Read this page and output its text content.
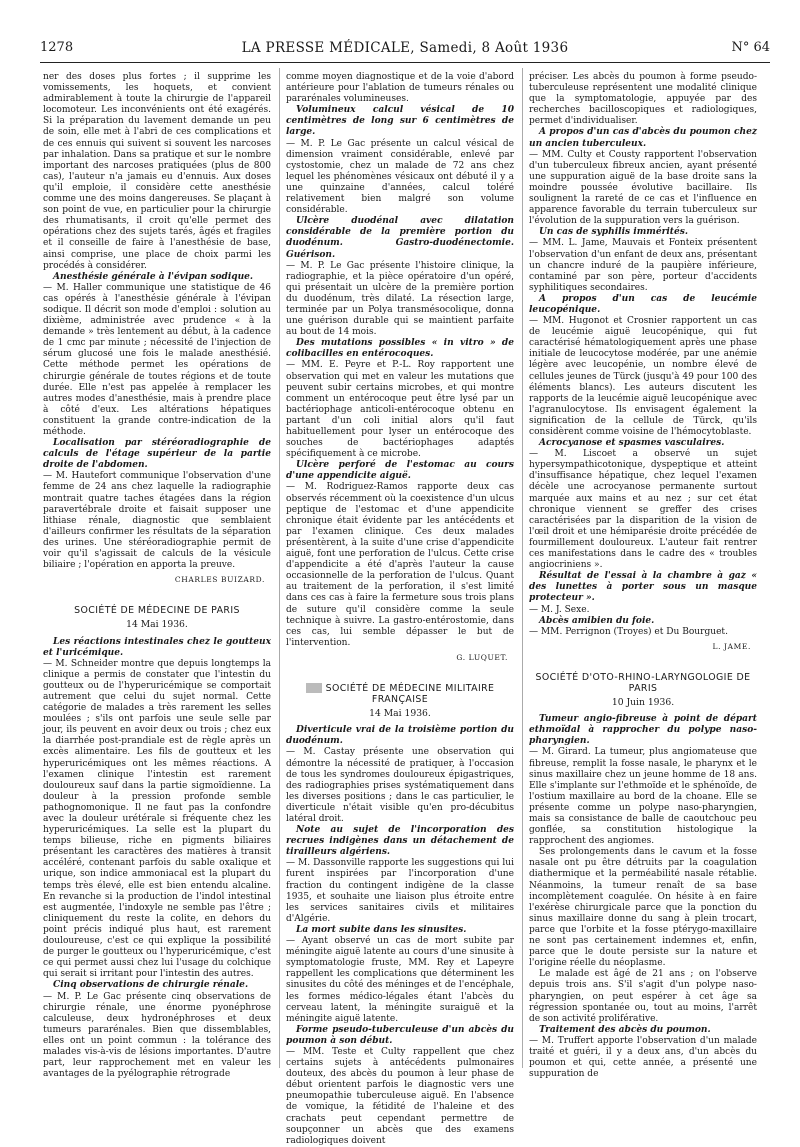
1278	LA PRESSE MÉDICALE, Samedi, 8 Août 1936	N° 64

ner des doses plus fortes ; il supprime les vomissements, les hoquets, et convient admirablement à toute la chirurgie de l'appareil locomoteur. Les inconvénients ont été exagérés. Si la préparation du lavement demande un peu de soin, elle met à l'abri de ces complications et de ces ennuis qui suivent si souvent les narcoses par inhalation. Dans sa pratique et sur le nombre important des narcoses pratiquées (plus de 800 cas), l'auteur n'a jamais eu d'ennuis. Aux doses qu'il emploie, il considère cette anesthésie comme une des moins dangereuses. Se plaçant à son point de vue, en particulier pour la chirurgie des rhumatisants, il croit qu'elle permet des opérations chez des sujets tarés, âgés et fragiles et il conseille de faire à l'anesthésie de base, ainsi comprise, une place de choix parmi les procédés à considérer.

Anesthésie générale à l'évipan sodique.

— M. Haller communique une statistique de 46 cas opérés à l'anesthésie générale à l'évipan sodique. Il décrit son mode d'emploi : solution au dixième, administrée avec prudence « à la demande » très lentement au début, à la cadence de 1 cmc par minute ; nécessité de l'injection de sérum glucosé une fois le malade anesthésié. Cette méthode permet les opérations de chirurgie générale de toutes régions et de toute durée. Elle n'est pas appelée à remplacer les autres modes d'anesthésie, mais à prendre place à côté d'eux. Les altérations hépatiques constituent la grande contre-indication de la méthode.

Localisation par stéréoradiographie de calculs de l'étage supérieur de la partie droite de l'abdomen.

— M. Hautefort communique l'observation d'une femme de 24 ans chez laquelle la radiographie montrait quatre taches étagées dans la région paravertébrale droite et faisait supposer une lithiase rénale, diagnostic que semblaient d'ailleurs confirmer les résultats de la séparation des urines. Une stéréoradiographie permit de voir qu'il s'agissait de calculs de la vésicule biliaire ; l'opération en apporta la preuve.

CHARLES BUIZARD.
SOCIÉTÉ DE MÉDECINE DE PARIS
14 Mai 1936.

Les réactions intestinales chez le goutteux et l'uricémique.

— M. Schneider montre que depuis longtemps la clinique a permis de constater que l'intestin du goutteux ou de l'hyperuricémique se comportait autrement que celui du sujet normal. Cette catégorie de malades a très rarement les selles moulées ; s'ils ont parfois une seule selle par jour, ils peuvent en avoir deux ou trois ; chez eux la diarrhée post-prandiale est de règle après un excès alimentaire. Les fils de goutteux et les hyperuricémiques ont les mêmes réactions. A l'examen clinique l'intestin est rarement douloureux sauf dans la partie sigmoïdienne. La douleur à la pression profonde semble pathognomonique. Il ne faut pas la confondre avec la douleur urétérale si fréquente chez les hyperuricémiques. La selle est la plupart du temps bilieuse, riche en pigments biliaires présentant les caractères des matières à transit accéléré, contenant parfois du sable oxalique et urique, son indice ammoniacal est la plupart du temps très élevé, elle est bien entendu alcaline. En revanche si la production de l'indol intestinal est augmentée, l'indoxyle ne semble pas l'être ; cliniquement du reste la colite, en dehors du point précis indiqué plus haut, est rarement douloureuse, c'est ce qui explique la possibilité de purger le goutteux ou l'hyperuricémique, c'est ce qui permet aussi chez lui l'usage du colchique qui serait si irritant pour l'intestin des autres.

Cinq observations de chirurgie rénale.

— M. P. Le Gac présente cinq observations de chirurgie rénale, une énorme pyonéphrose calculeuse, deux hydronéphroses et deux tumeurs pararénales. Bien que dissemblables, elles ont un point commun : la tolérance des malades vis-à-vis de lésions importantes. D'autre part, leur rapprochement met en valeur les avantages de la pyélographie rétrograde

comme moyen diagnostique et de la voie d'abord antérieure pour l'ablation de tumeurs rénales ou pararénales volumineuses.

Volumineux calcul vésical de 10 centimètres de long sur 6 centimètres de large.

— M. P. Le Gac présente un calcul vésical de dimension vraiment considérable, enlevé par cystostomie, chez un malade de 72 ans chez lequel les phénomènes vésicaux ont débuté il y a une quinzaine d'années, calcul toléré relativement bien malgré son volume considérable.

Ulcère duodénal avec dilatation considérable de la première portion du duodénum. Gastro-duodénectomie. Guérison.

— M. P. Le Gac présente l'histoire clinique, la radiographie, et la pièce opératoire d'un opéré, qui présentait un ulcère de la première portion du duodénum, très dilaté. La résection large, terminée par un Polya transmésocolique, donna une guérison durable qui se maintient parfaite au bout de 14 mois.

Des mutations possibles « in vitro » de colibacilles en entérocoques.

— MM. E. Peyre et P.-L. Roy rapportent une observation qui met en valeur les mutations que peuvent subir certains microbes, et qui montre comment un entérocoque peut être lysé par un bactériophage anticoli-entérocoque obtenu en partant d'un coli initial alors qu'il faut habituellement pour lyser un entérocoque des souches de bactériophages adaptés spécifiquement à ce microbe.

Ulcère perforé de l'estomac au cours d'une appendicite aiguë.

— M. Rodriguez-Ramos rapporte deux cas observés récemment où la coexistence d'un ulcus peptique de l'estomac et d'une appendicite chronique était évidente par les antécédents et par l'examen clinique. Ces deux malades présentèrent, à la suite d'une crise d'appendicite aiguë, font une perforation de l'ulcus. Cette crise d'appendicite a été d'après l'auteur la cause occasionnelle de la perforation de l'ulcus. Quant au traitement de la perforation, il s'est limité dans ces cas à faire la fermeture sous trois plans de suture qu'il considère comme la seule technique à suivre. La gastro-entérostomie, dans ces cas, lui semble dépasser le but de l'intervention.

G. LUQUET.
SOCIÉTÉ DE MÉDECINE MILITAIRE FRANÇAISE
14 Mai 1936.

Diverticule vrai de la troisième portion du duodénum.

— M. Castay présente une observation qui démontre la nécessité de pratiquer, à l'occasion de tous les syndromes douloureux épigastriques, des radiographies prises systématiquement dans les diverses positions ; dans le cas particulier, le diverticule n'était visible qu'en pro-décubitus latéral droit.

Note au sujet de l'incorporation des recrues indigènes dans un détachement de tirailleurs algériens.

— M. Dassonville rapporte les suggestions qui lui furent inspirées par l'incorporation d'une fraction du contingent indigène de la classe 1935, et souhaite une liaison plus étroite entre les services sanitaires civils et militaires d'Algérie.

La mort subite dans les sinusites.

— Ayant observé un cas de mort subite par méningite aiguë latente au cours d'une sinusite à symptomatologie fruste, MM. Rey et Lapeyre rappellent les complications que déterminent les sinusites du côté des méninges et de l'encéphale, les formes médico-légales étant l'abcès du cerveau latent, la méningite suraiguë et la méningite aiguë latente.

Forme pseudo-tuberculeuse d'un abcès du poumon à son début.

— MM. Teste et Culty rappellent que chez certains sujets à antécédents pulmonaires douteux, des abcès du poumon à leur phase de début orientent parfois le diagnostic vers une pneumopathie tuberculeuse aiguë. En l'absence de vomique, la fétidité de l'haleine et des crachats peut cependant permettre de soupçonner un abcès que des examens radiologiques doivent

préciser. Les abcès du poumon à forme pseudo-tuberculeuse représentent une modalité clinique que la symptomatologie, appuyée par des recherches bacilloscopiques et radiologiques, permet d'individualiser.

A propos d'un cas d'abcès du poumon chez un ancien tuberculeux.

— MM. Culty et Cousty rapportent l'observation d'un tuberculeux fibreux ancien, ayant présenté une suppuration aiguë de la base droite sans la moindre poussée évolutive bacillaire. Ils soulignent la rareté de ce cas et l'influence en apparence favorable du terrain tuberculeux sur l'évolution de la suppuration vers la guérison.

Un cas de syphilis immérités.

— MM. L. Jame, Mauvais et Fonteix présentent l'observation d'un enfant de deux ans, présentant un chancre induré de la paupière inférieure, contaminé par son père, porteur d'accidents syphilitiques secondaires.

A propos d'un cas de leucémie leucopénique.

— MM. Hugonot et Crosnier rapportent un cas de leucémie aiguë leucopénique, qui fut caractérisé hématologiquement après une phase initiale de leucocytose modérée, par une anémie légère avec leucopénie, un nombre élevé de cellules jeunes de Türck (jusqu'à 49 pour 100 des éléments blancs). Les auteurs discutent les rapports de la leucémie aiguë leucopénique avec l'agranulocytose. Ils envisagent également la signification de la cellule de Türck, qu'ils considèrent comme voisine de l'hémocytoblaste.

Acrocyanose et spasmes vasculaires.

— M. Liscoet a observé un sujet hypersympathicotonique, dyspeptique et atteint d'insuffisance hépatique, chez lequel l'examen décèle une acrocyanose permanente surtout marquée aux mains et au nez ; sur cet état chronique viennent se greffer des crises caractérisées par la disparition de la vision de l'œil droit et une hémiparésie droite précédée de fourmillement douloureux. L'auteur fait rentrer ces manifestations dans le cadre des « troubles angiocriniens ».

Résultat de l'essai à la chambre à gaz « des lunettes à porter sous un masque protecteur ».

— M. J. Sexe.

Abcès amibien du foie.

— MM. Perrignon (Troyes) et Du Bourguet.

L. JAME.
SOCIÉTÉ D'OTO-RHINO-LARYNGOLOGIE DE PARIS
10 Juin 1936.

Tumeur angio-fibreuse à point de départ ethmoïdal à rapprocher du polype naso-pharyngien.

— M. Girard. La tumeur, plus angiomateuse que fibreuse, remplit la fosse nasale, le pharynx et le sinus maxillaire chez un jeune homme de 18 ans. Elle s'implante sur l'ethmoïde et le sphénoïde, de l'ostium maxillaire au bord de la choane. Elle se présente comme un polype naso-pharyngien, mais sa consistance de balle de caoutchouc peu gonflée, sa constitution histologique la rapprochent des angiomes.

Ses prolongements dans le cavum et la fosse nasale ont pu être détruits par la coagulation diathermique et la perméabilité nasale rétablie. Néanmoins, la tumeur renaît de sa base incomplètement coagulée. On hésite à en faire l'exérèse chirurgicale parce que la ponction du sinus maxillaire donne du sang à plein trocart, parce que l'orbite et la fosse ptérygo-maxillaire ne sont pas certainement indemnes et, enfin, parce que le doute persiste sur la nature et l'origine réelle du néoplasme.

Le malade est âgé de 21 ans ; on l'observe depuis trois ans. S'il s'agit d'un polype naso-pharyngien, on peut espérer à cet âge sa régression spontanée ou, tout au moins, l'arrêt de son activité proliférative.

Traitement des abcès du poumon.

— M. Truffert apporte l'observation d'un malade traité et guéri, il y a deux ans, d'un abcès du poumon et qui, cette année, a présenté une suppuration de
